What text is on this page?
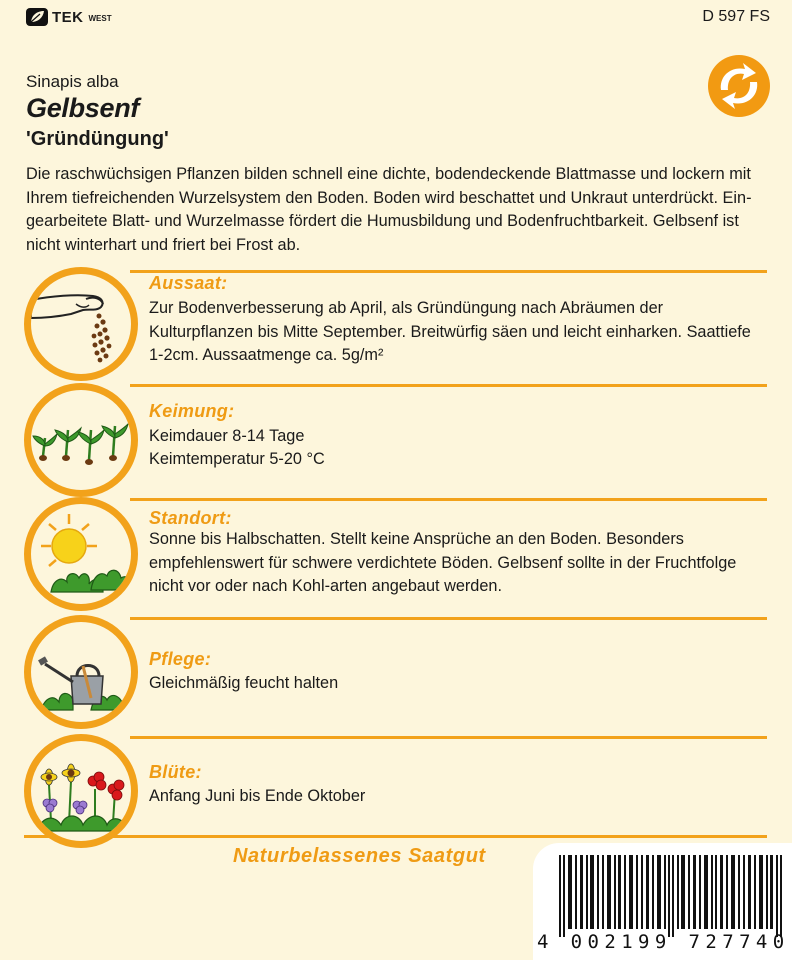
TEK WEST	D 597 FS
Sinapis alba
Gelbsenf
'Gründüngung'
Die raschwüchsigen Pflanzen bilden schnell eine dichte, bodendeckende Blattmasse und lockern mit Ihrem tiefreichenden Wurzelsystem den Boden. Boden wird beschattet und Unkraut unterdrückt. Ein-gearbeitete Blatt- und Wurzelmasse fördert die Humusbildung und Bodenfruchtbarkeit. Gelbsenf ist nicht winterhart und friert bei Frost ab.
Aussaat:
Zur Bodenverbesserung ab April, als Gründüngung nach Abräumen der Kulturpflanzen bis Mitte September. Breitwürfig säen und leicht einharken. Saattiefe 1-2cm. Aussaatmenge ca. 5g/m²
Keimung:
Keimdauer 8-14 Tage
Keimtemperatur 5-20 °C
Standort:
Sonne bis Halbschatten. Stellt keine Ansprüche an den Boden. Besonders empfehlenswert für schwere verdichtete Böden. Gelbsenf sollte in der Fruchtfolge nicht vor oder nach Kohl-arten angebaut werden.
Pflege:
Gleichmäßig feucht halten
Blüte:
Anfang Juni bis Ende Oktober
Naturbelassenes Saatgut
4 002199 727740
